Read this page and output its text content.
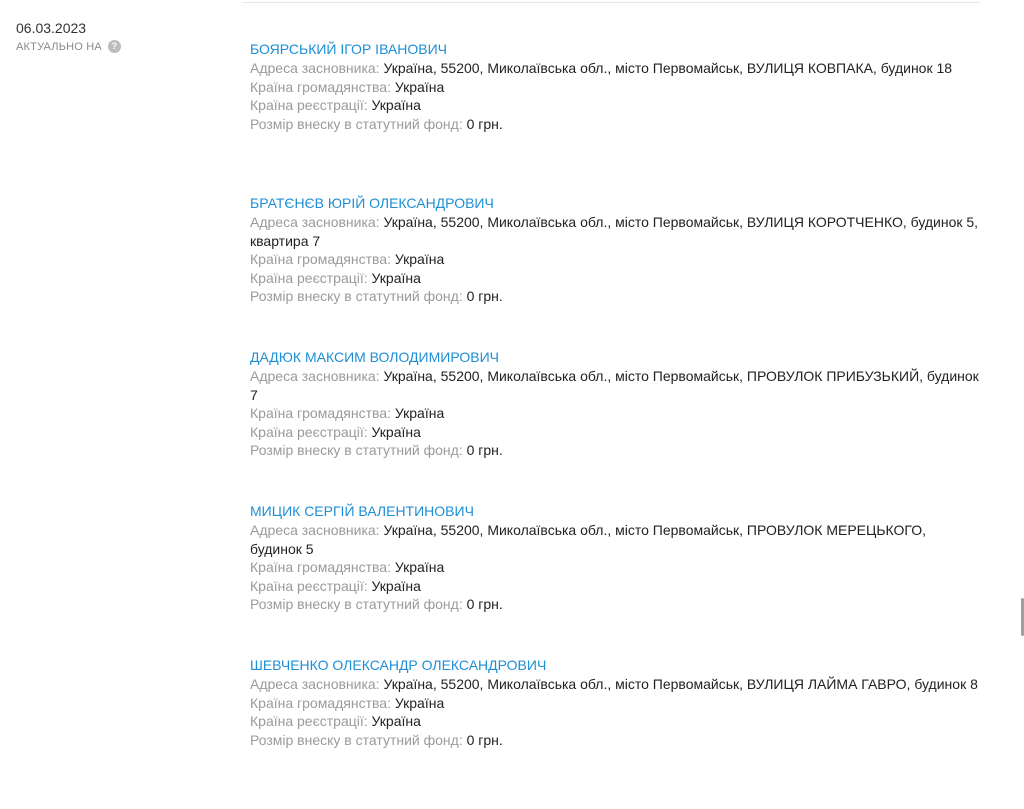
06.03.2023
АКТУАЛЬНО НА	?	БОЯРСЬКИЙ ІГОР ІВАНОВИЧ
Адреса засновника: Україна, 55200, Миколаївська обл., місто Первомайськ, ВУЛИЦЯ КОВПАКА, будинок 18
Країна громадянства: Україна
Країна реєстрації: Україна
Розмір внеску в статутний фонд: 0 грн.
БРАТЄНЄВ ЮРІЙ ОЛЕКСАНДРОВИЧ
Адреса засновника: Україна, 55200, Миколаївська обл., місто Первомайськ, ВУЛИЦЯ КОРОТЧЕНКО, будинок 5, квартира 7
Країна громадянства: Україна
Країна реєстрації: Україна
Розмір внеску в статутний фонд: 0 грн.
ДАДЮК МАКСИМ ВОЛОДИМИРОВИЧ
Адреса засновника: Україна, 55200, Миколаївська обл., місто Первомайськ, ПРОВУЛОК ПРИБУЗЬКИЙ, будинок 7
Країна громадянства: Україна
Країна реєстрації: Україна
Розмір внеску в статутний фонд: 0 грн.
МИЦИК СЕРГІЙ ВАЛЕНТИНОВИЧ
Адреса засновника: Україна, 55200, Миколаївська обл., місто Первомайськ, ПРОВУЛОК МЕРЕЦЬКОГО, будинок 5
Країна громадянства: Україна
Країна реєстрації: Україна
Розмір внеску в статутний фонд: 0 грн.
ШЕВЧЕНКО ОЛЕКСАНДР ОЛЕКСАНДРОВИЧ
Адреса засновника: Україна, 55200, Миколаївська обл., місто Первомайськ, ВУЛИЦЯ ЛАЙМА ГАВРО, будинок 8
Країна громадянства: Україна
Країна реєстрації: Україна
Розмір внеску в статутний фонд: 0 грн.
